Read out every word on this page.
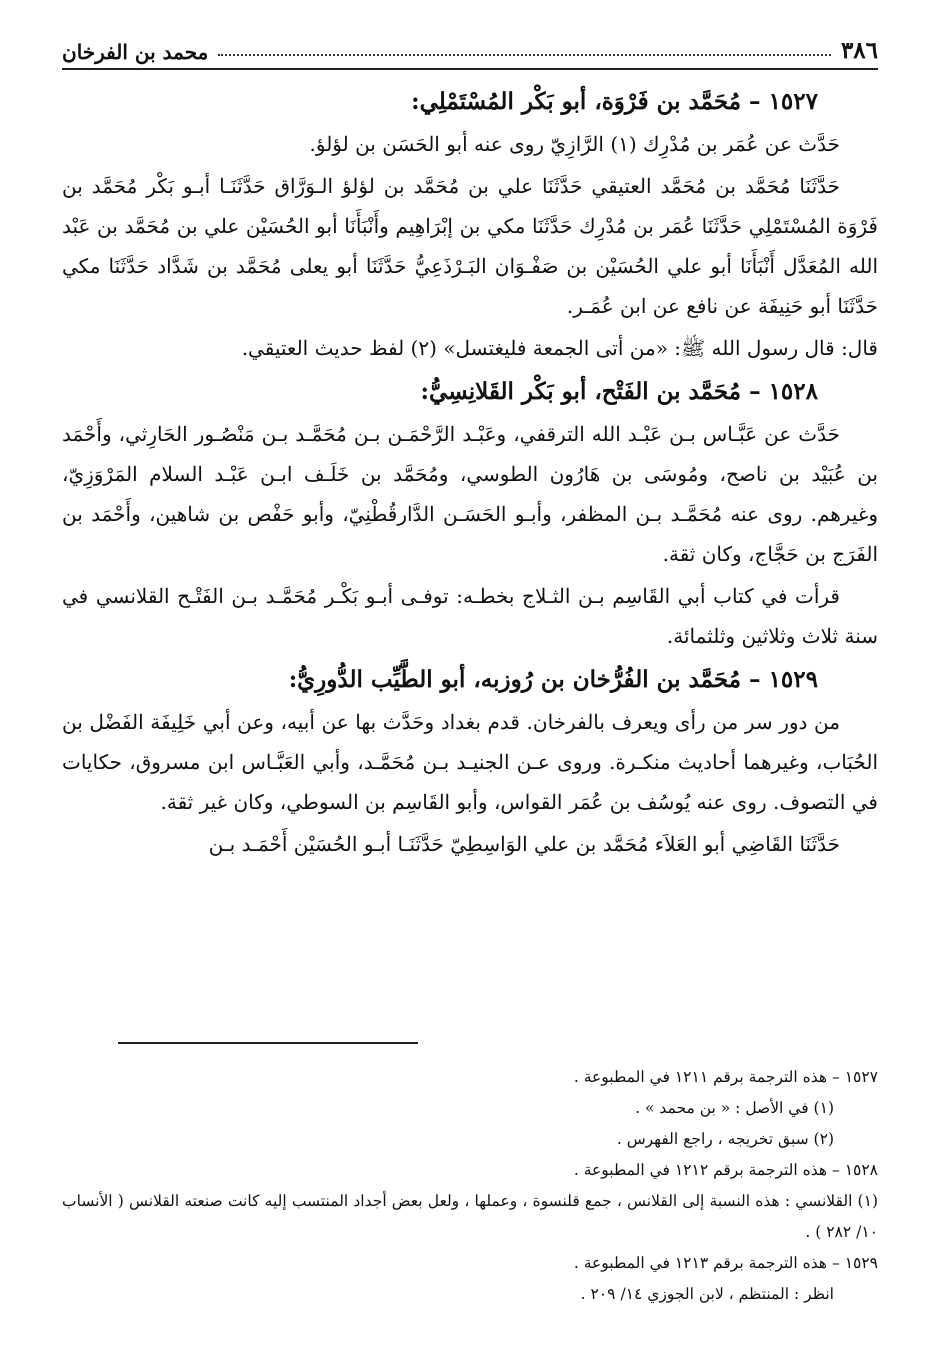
٣٨٦
محمد بن الفرخان
١٥٢٧ – مُحَمَّد بن فَرْوَة، أبو بَكْر المُسْتَمْلِي:

حَدَّث عن عُمَر بن مُدْرِك (١) الرَّازِيّ روى عنه أبو الحَسَن بن لؤلؤ.

حَدَّثَنَا مُحَمَّد بن مُحَمَّد العتيقي حَدَّثَنَا علي بن مُحَمَّد بن لؤلؤ الـوَرَّاق حَدَّثَنَـا أبـو بَكْر مُحَمَّد بن فَرْوَة المُسْتَمْلِي حَدَّثَنَا عُمَر بن مُدْرِك حَدَّثَنَا مكي بن إبْرَاهِيم وأَنْبَأَنَا أبو الحُسَيْن علي بن مُحَمَّد بن عَبْد الله المُعَدَّل أَنْبَأَنَا أبو علي الحُسَيْن بن صَفْـوَان البَـرْذَعِيُّ حَدَّثَنَا أبو يعلى مُحَمَّد بن شَدَّاد حَدَّثَنَا مكي حَدَّثَنَا أبو حَنِيفَة عن نافع عن ابن عُمَـر.

قال: قال رسول الله ﷺ: «من أتى الجمعة فليغتسل» (٢) لفظ حديث العتيقي.

١٥٢٨ – مُحَمَّد بن الفَتْح، أبو بَكْر القَلانِسِيُّ:

حَدَّث عن عَبَّـاس بـن عَبْـد الله الترقفي، وعَبْـد الرَّحْمَـن بـن مُحَمَّـد بـن مَنْصُـور الحَارِثي، وأَحْمَد بن عُبَيْد بن ناصح، ومُوسَى بن هَارُون الطوسي، ومُحَمَّد بن خَلَـف ابـن عَبْـد السلام المَرْوَزِيّ، وغيرهم. روى عنه مُحَمَّـد بـن المظفر، وأبـو الحَسَـن الدَّارقُطْنِيّ، وأبو حَفْص بن شاهين، وأَحْمَد بن الفَرَج بن حَجَّاج، وكان ثقة.

قرأت في كتاب أبي القَاسِم بـن الثـلاج بخطـه: توفـى أبـو بَكْـر مُحَمَّـد بـن الفَتْـح القلانسي في سنة ثلاث وثلاثين وثلثمائة.

١٥٢٩ – مُحَمَّد بن الفُرُّخان بن رُوزبه، أبو الطَّيِّب الدُّورِيُّ:

من دور سر من رأى ويعرف بالفرخان. قدم بغداد وحَدَّث بها عن أبيه، وعن أبي خَلِيفَة الفَضْل بن الحُبَاب، وغيرهما أحاديث منكـرة. وروى عـن الجنيـد بـن مُحَمَّـد، وأبي العَبَّـاس ابن مسروق، حكايات في التصوف. روى عنه يُوسُف بن عُمَر القواس، وأبو القَاسِم بن السوطي، وكان غير ثقة.

حَدَّثَنَا القَاضِي أبو العَلاَء مُحَمَّد بن علي الوَاسِطِيّ حَدَّثَنَـا أبـو الحُسَيْن أَحْمَـد بـن

١٥٢٧ – هذه الترجمة برقم ١٢١١ في المطبوعة .

(١) في الأصل : « بن محمد » .

(٢) سبق تخريجه ، راجع الفهرس .

١٥٢٨ – هذه الترجمة برقم ١٢١٢ في المطبوعة .

(١) القلانسي : هذه النسبة إلى القلانس ، جمع قلنسوة ، وعملها ، ولعل بعض أجداد المنتسب إليه كانت صنعته القلانس ( الأنساب ١٠/ ٢٨٢ ) .

١٥٢٩ – هذه الترجمة برقم ١٢١٣ في المطبوعة .

انظر : المنتظم ، لابن الجوزي ١٤/ ٢٠٩ .
